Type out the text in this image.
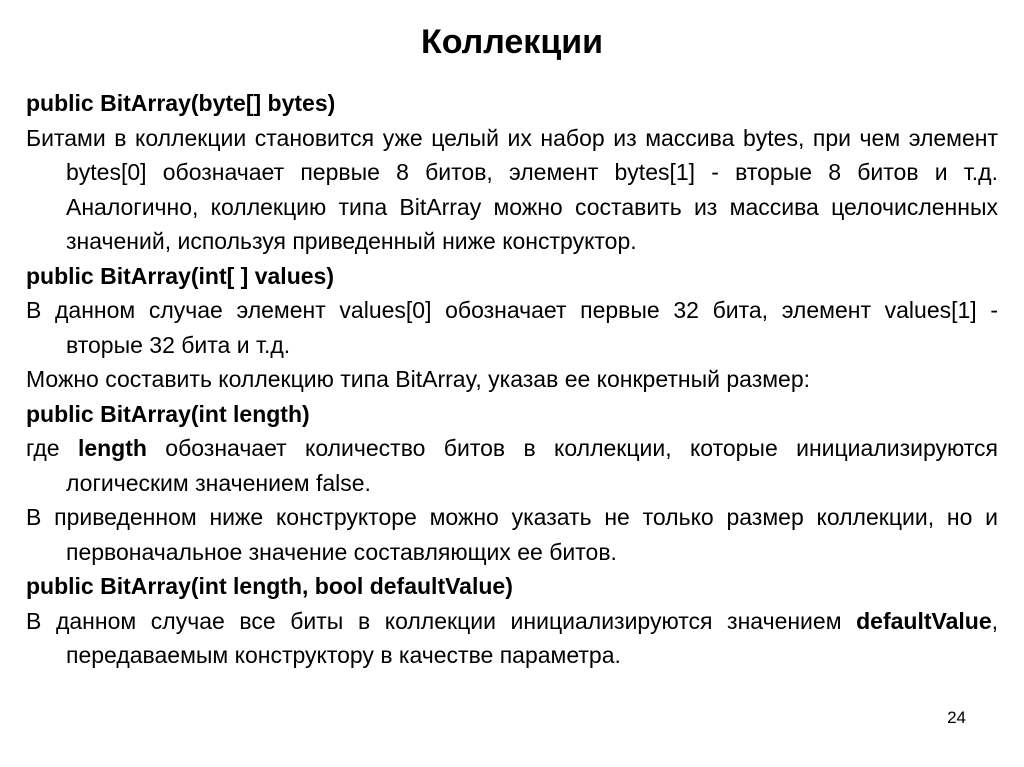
Коллекции

public BitArray(byte[] bytes)

Битами в коллекции становится уже целый их набор из массива bytes, при чем элемент bytes[0] обозначает первые 8 битов, элемент bytes[1] - вторые 8 битов и т.д. Аналогично, коллекцию типа BitArray можно составить из массива целочисленных значений, используя приведенный ниже конструктор.

public BitArray(int[ ] values)

В данном случае элемент values[0] обозначает первые 32 бита, элемент values[1] - вторые 32 бита и т.д.

Можно составить коллекцию типа BitArray, указав ее конкретный размер:

public BitArray(int length)

где length обозначает количество битов в коллекции, которые инициализируются логическим значением false.

В приведенном ниже конструкторе можно указать не только размер коллекции, но и первоначальное значение составляющих ее битов.

public BitArray(int length, bool defaultValue)

В данном случае все биты в коллекции инициализируются значением defaultValue, передаваемым конструктору в качестве параметра.

24
